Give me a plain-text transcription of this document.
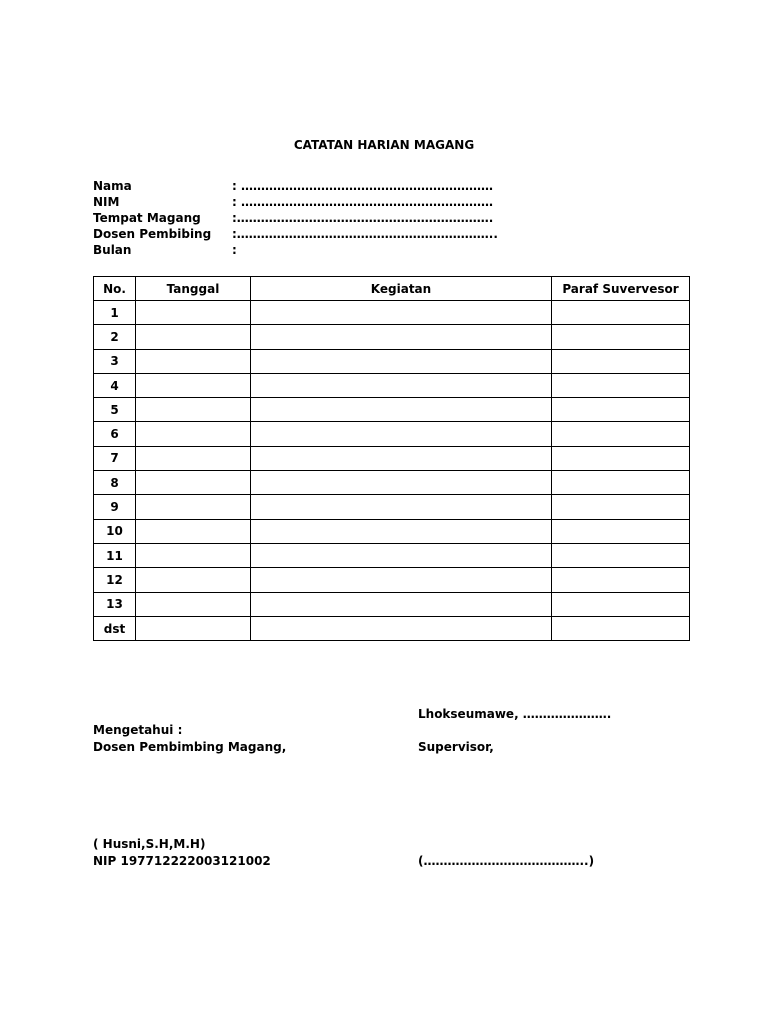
CATATAN HARIAN MAGANG
Nama	: ………………………………………………………
NIM	: ………………………………………………………
Tempat Magang	:……………………………………………………….
Dosen Pembibing :………………………………………………………..
Bulan	:
No.	Tanggal	Kegiatan	Paraf Suvervesor
1			
2			
3			
4			
5			
6			
7			
8			
9			
10			
11			
12			
13			
dst			
Lhokseumawe, ………………….
Mengetahui :
Dosen Pembimbing Magang,	Supervisor,
( Husni,S.H,M.H)
NIP 197712222003121002	(…………………………………..)
